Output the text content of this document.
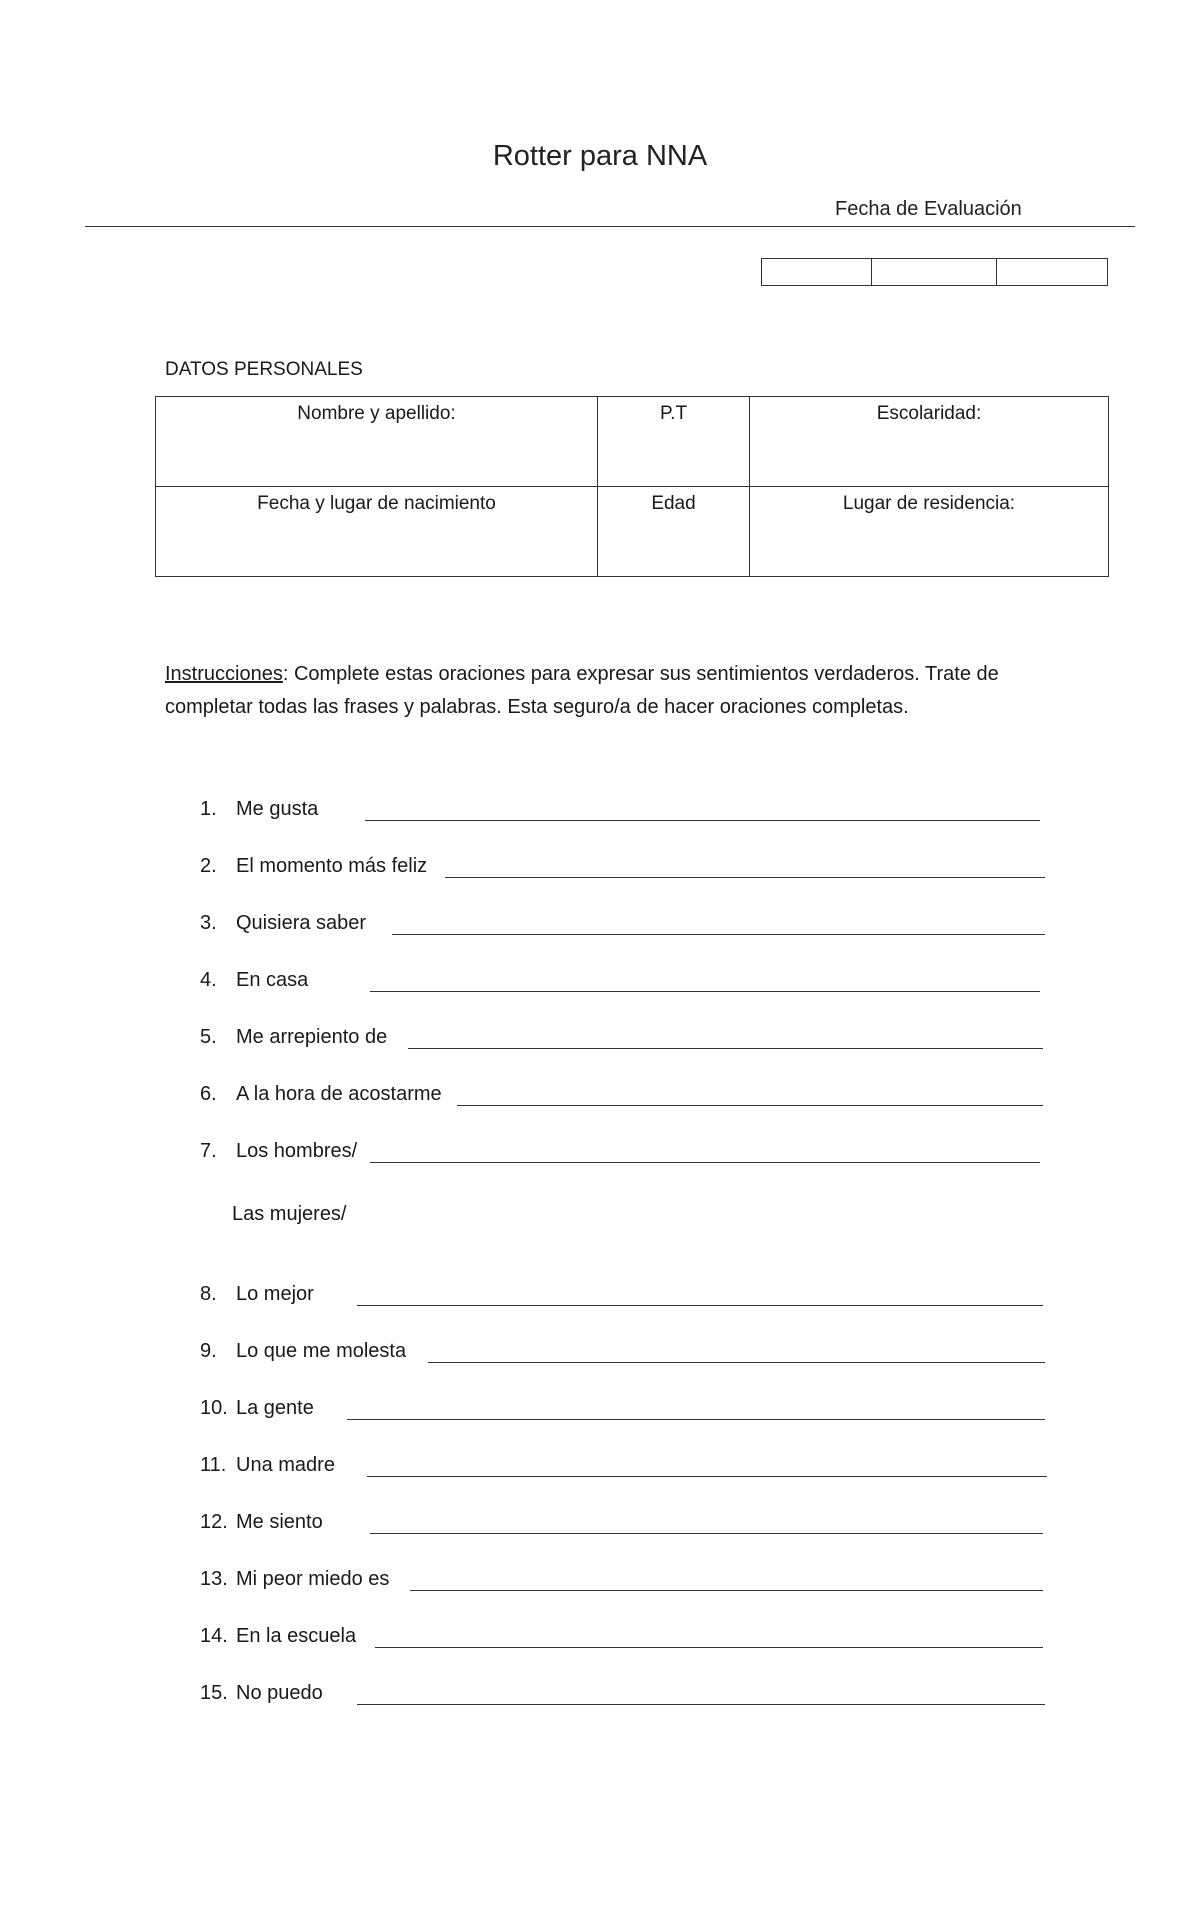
Rotter para NNA
Fecha de Evaluación
DATOS PERSONALES
Nombre y apellido:	P.T	Escolaridad:
Fecha y lugar de nacimiento	Edad	Lugar de residencia:
Instrucciones: Complete estas oraciones para expresar sus sentimientos verdaderos. Trate de completar todas las frases y palabras. Esta seguro/a de hacer oraciones completas.
1. Me gusta
2. El momento más feliz
3. Quisiera saber
4. En casa
5. Me arrepiento de
6. A la hora de acostarme
7. Los hombres/
Las mujeres/
8. Lo mejor
9. Lo que me molesta
10. La gente
11. Una madre
12. Me siento
13. Mi peor miedo es
14. En la escuela
15. No puedo
